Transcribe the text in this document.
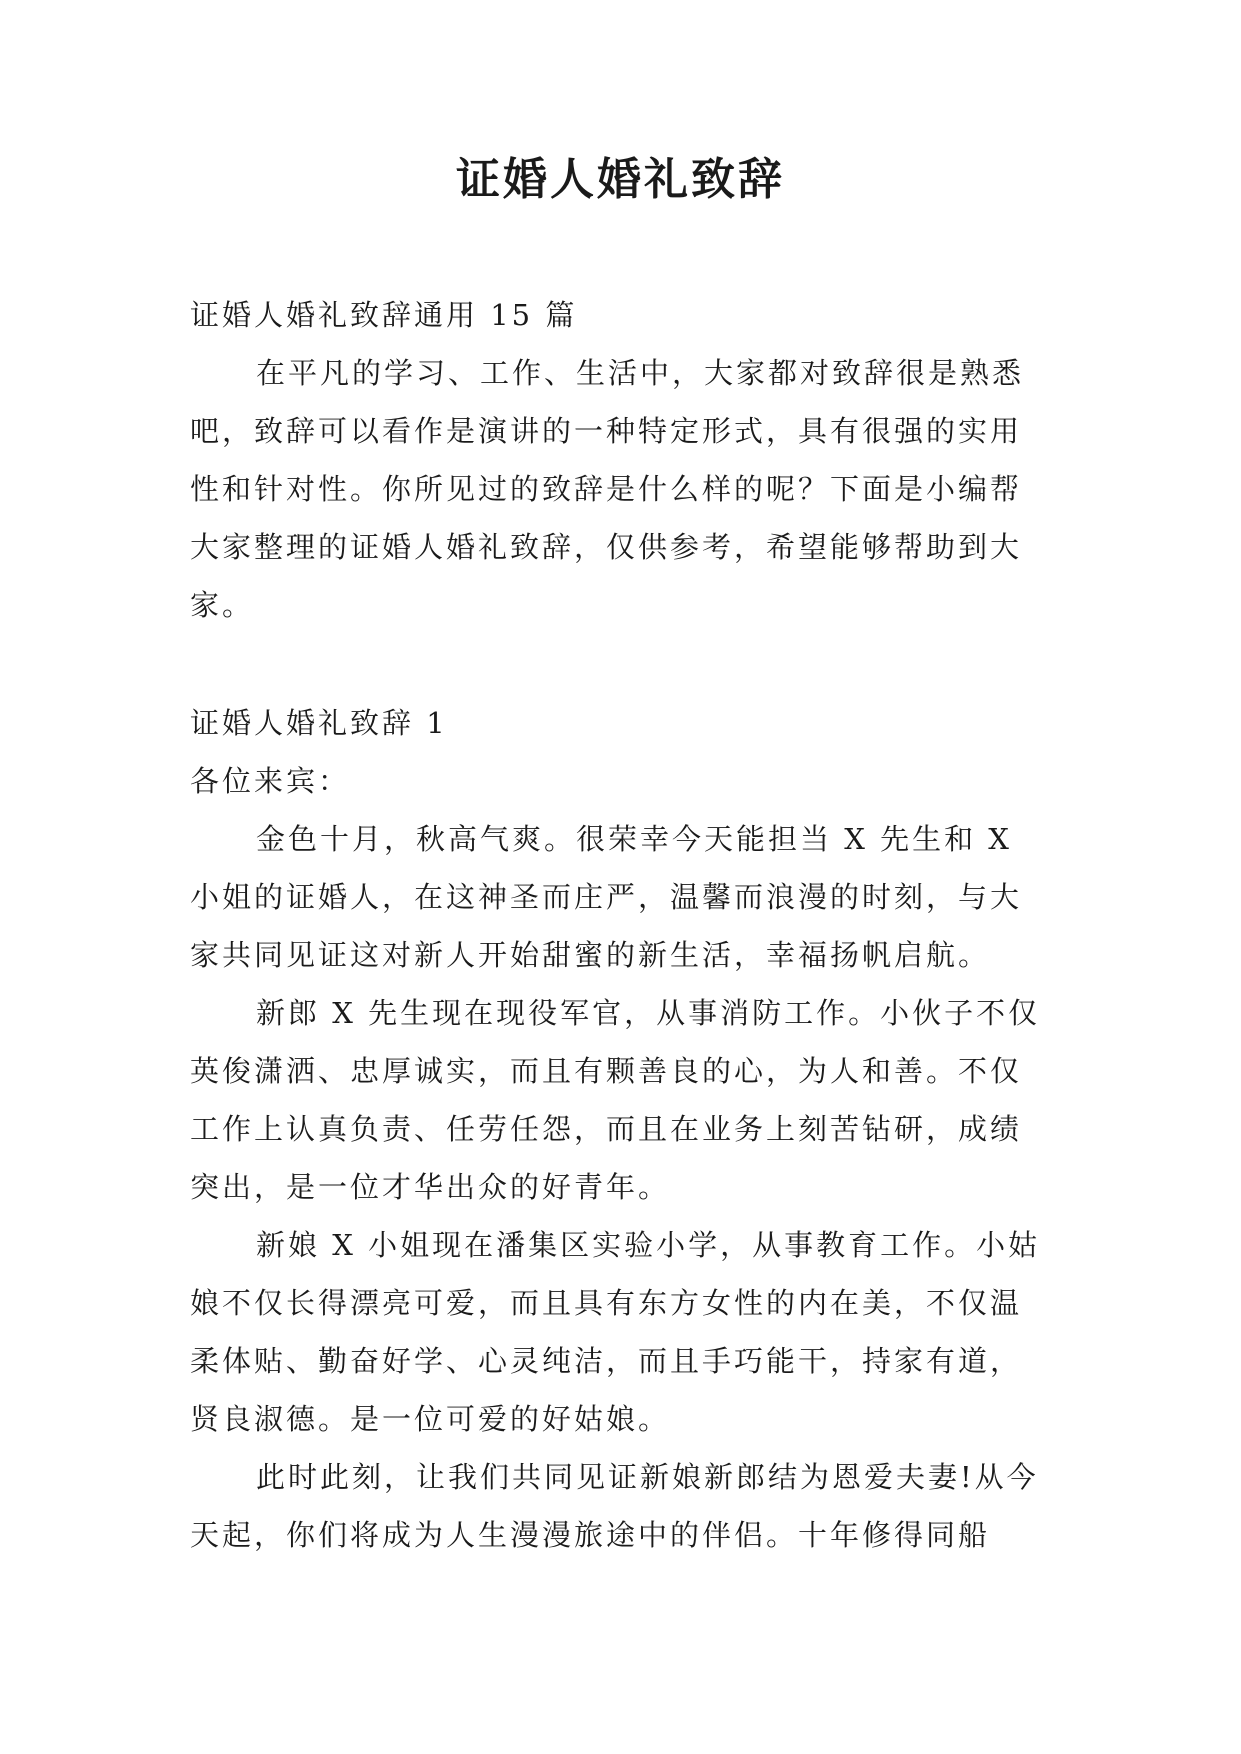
证婚人婚礼致辞

证婚人婚礼致辞通用 15 篇

在平凡的学习、工作、生活中，大家都对致辞很是熟悉吧，致辞可以看作是演讲的一种特定形式，具有很强的实用性和针对性。你所见过的致辞是什么样的呢？下面是小编帮大家整理的证婚人婚礼致辞，仅供参考，希望能够帮助到大家。

证婚人婚礼致辞 1

各位来宾：

金色十月，秋高气爽。很荣幸今天能担当 X 先生和 X 小姐的证婚人，在这神圣而庄严，温馨而浪漫的时刻，与大家共同见证这对新人开始甜蜜的新生活，幸福扬帆启航。

新郎 X 先生现在现役军官，从事消防工作。小伙子不仅英俊潇洒、忠厚诚实，而且有颗善良的心，为人和善。不仅工作上认真负责、任劳任怨，而且在业务上刻苦钻研，成绩突出，是一位才华出众的好青年。

新娘 X 小姐现在潘集区实验小学，从事教育工作。小姑娘不仅长得漂亮可爱，而且具有东方女性的内在美，不仅温柔体贴、勤奋好学、心灵纯洁，而且手巧能干，持家有道，贤良淑德。是一位可爱的好姑娘。

此时此刻，让我们共同见证新娘新郎结为恩爱夫妻!从今天起，你们将成为人生漫漫旅途中的伴侣。十年修得同船
